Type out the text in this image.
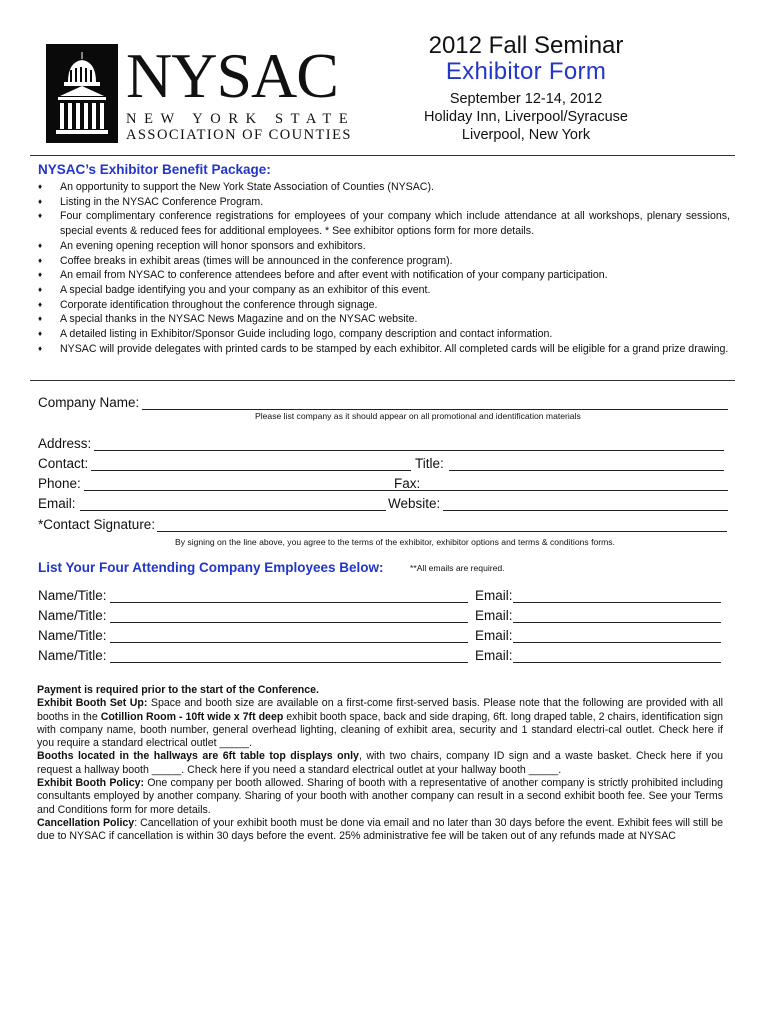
NYSAC
NEW YORK STATE
ASSOCIATION OF COUNTIES
2012 Fall Seminar
Exhibitor Form
September 12-14, 2012
Holiday Inn, Liverpool/Syracuse
Liverpool, New York
NYSAC’s Exhibitor Benefit Package:
♦ An opportunity to support the New York State Association of Counties (NYSAC).
♦ Listing in the NYSAC Conference Program.
♦ Four complimentary conference registrations for employees of your company which include attendance at all workshops, plenary sessions, special events & reduced fees for additional employees. * See exhibitor options form for more details.
♦ An evening opening reception will honor sponsors and exhibitors.
♦ Coffee breaks in exhibit areas (times will be announced in the conference program).
♦ An email from NYSAC to conference attendees before and after event with notification of your company participation.
♦ A special badge identifying you and your company as an exhibitor of this event.
♦ Corporate identification throughout the conference through signage.
♦ A special thanks in the NYSAC News Magazine and on the NYSAC website.
♦ A detailed listing in Exhibitor/Sponsor Guide including logo, company description and contact information.
♦ NYSAC will provide delegates with printed cards to be stamped by each exhibitor. All completed cards will be eligible for a grand prize drawing.
Company Name:
Please list company as it should appear on all promotional and identification materials
Address:
Contact:	Title:
Phone:	Fax:
Email:	Website:
*Contact Signature:
By signing on the line above, you agree to the terms of the exhibitor, exhibitor options and terms & conditions forms.
List Your Four Attending Company Employees Below:	**All emails are required.
Name/Title:	Email:
Name/Title:	Email:
Name/Title:	Email:
Name/Title:	Email:

Payment is required prior to the start of the Conference.

Exhibit Booth Set Up: Space and booth size are available on a first-come first-served basis. Please note that the following are provided with all booths in the Cotillion Room - 10ft wide x 7ft deep exhibit booth space, back and side draping, 6ft. long draped table, 2 chairs, identification sign with company name, booth number, general overhead lighting, cleaning of exhibit area, security and 1 standard electri-cal outlet. Check here if you require a standard electrical outlet _____.

Booths located in the hallways are 6ft table top displays only, with two chairs, company ID sign and a waste basket. Check here if you request a hallway booth _____. Check here if you need a standard electrical outlet at your hallway booth _____.

Exhibit Booth Policy: One company per booth allowed. Sharing of booth with a representative of another company is strictly prohibited including consultants employed by another company. Sharing of your booth with another company can result in a second exhibit booth fee. See your Terms and Conditions form for more details.

Cancellation Policy: Cancellation of your exhibit booth must be done via email and no later than 30 days before the event. Exhibit fees will still be due to NYSAC if cancellation is within 30 days before the event. 25% administrative fee will be taken out of any refunds made at NYSAC
